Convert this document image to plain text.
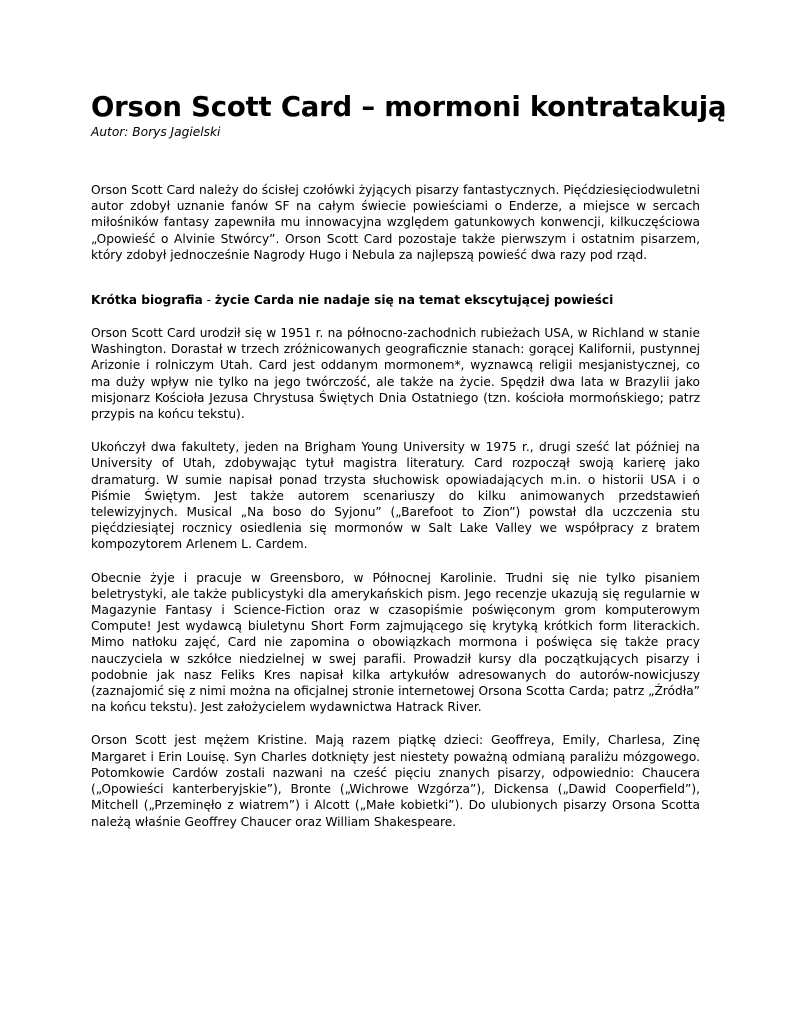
Orson Scott Card – mormoni kontratakują

Autor: Borys Jagielski

Orson Scott Card należy do ścisłej czołówki żyjących pisarzy fantastycznych. Pięćdziesięciodwuletni autor zdobył uznanie fanów SF na całym świecie powieściami o Enderze, a miejsce w sercach miłośników fantasy zapewniła mu innowacyjna względem gatunkowych konwencji, kilkuczęściowa „Opowieść o Alvinie Stwórcy”. Orson Scott Card pozostaje także pierwszym i ostatnim pisarzem, który zdobył jednocześnie Nagrody Hugo i Nebula za najlepszą powieść dwa razy pod rząd.

Krótka biografia - życie Carda nie nadaje się na temat ekscytującej powieści

Orson Scott Card urodził się w 1951 r. na północno-zachodnich rubieżach USA, w Richland w stanie Washington. Dorastał w trzech zróżnicowanych geograficznie stanach: gorącej Kalifornii, pustynnej Arizonie i rolniczym Utah. Card jest oddanym mormonem*, wyznawcą religii mesjanistycznej, co ma duży wpływ nie tylko na jego twórczość, ale także na życie. Spędził dwa lata w Brazylii jako misjonarz Kościoła Jezusa Chrystusa Świętych Dnia Ostatniego (tzn. kościoła mormońskiego; patrz przypis na końcu tekstu).

Ukończył dwa fakultety, jeden na Brigham Young University w 1975 r., drugi sześć lat później na University of Utah, zdobywając tytuł magistra literatury. Card rozpoczął swoją karierę jako dramaturg. W sumie napisał ponad trzysta słuchowisk opowiadających m.in. o historii USA i o Piśmie Świętym. Jest także autorem scenariuszy do kilku animowanych przedstawień telewizyjnych. Musical „Na boso do Syjonu” („Barefoot to Zion”) powstał dla uczczenia stu pięćdziesiątej rocznicy osiedlenia się mormonów w Salt Lake Valley we współpracy z bratem kompozytorem Arlenem L. Cardem.

Obecnie żyje i pracuje w Greensboro, w Północnej Karolinie. Trudni się nie tylko pisaniem beletrystyki, ale także publicystyki dla amerykańskich pism. Jego recenzje ukazują się regularnie w Magazynie Fantasy i Science-Fiction oraz w czasopiśmie poświęconym grom komputerowym Compute! Jest wydawcą biuletynu Short Form zajmującego się krytyką krótkich form literackich. Mimo natłoku zajęć, Card nie zapomina o obowiązkach mormona i poświęca się także pracy nauczyciela w szkółce niedzielnej w swej parafii. Prowadził kursy dla początkujących pisarzy i podobnie jak nasz Feliks Kres napisał kilka artykułów adresowanych do autorów-nowicjuszy (zaznajomić się z nimi można na oficjalnej stronie internetowej Orsona Scotta Carda; patrz „Źródła” na końcu tekstu). Jest założycielem wydawnictwa Hatrack River.

Orson Scott jest mężem Kristine. Mają razem piątkę dzieci: Geoffreya, Emily, Charlesa, Zinę Margaret i Erin Louisę. Syn Charles dotknięty jest niestety poważną odmianą paraliżu mózgowego. Potomkowie Cardów zostali nazwani na cześć pięciu znanych pisarzy, odpowiednio: Chaucera („Opowieści kanterberyjskie”), Bronte („Wichrowe Wzgórza”), Dickensa („Dawid Cooperfield”), Mitchell („Przeminęło z wiatrem”) i Alcott („Małe kobietki”). Do ulubionych pisarzy Orsona Scotta należą właśnie Geoffrey Chaucer oraz William Shakespeare.
